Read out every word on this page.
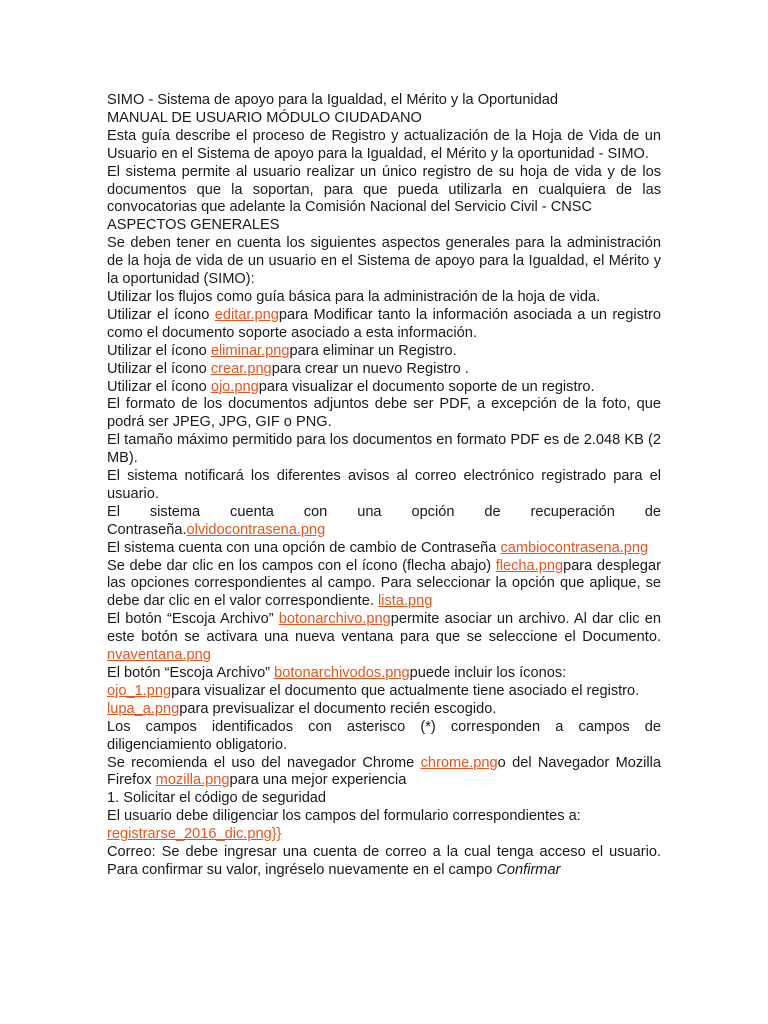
SIMO - Sistema de apoyo para la Igualdad, el Mérito y la Oportunidad

MANUAL DE USUARIO MÓDULO CIUDADANO

Esta guía describe el proceso de Registro y actualización de la Hoja de Vida de un Usuario en el Sistema de apoyo para la Igualdad, el Mérito y la oportunidad - SIMO.

El sistema permite al usuario realizar un único registro de su hoja de vida y de los documentos que la soportan, para que pueda utilizarla en cualquiera de las convocatorias que adelante la Comisión Nacional del Servicio Civil - CNSC

ASPECTOS GENERALES

Se deben tener en cuenta los siguientes aspectos generales para la administración de la hoja de vida de un usuario en el Sistema de apoyo para la Igualdad, el Mérito y la oportunidad (SIMO):

Utilizar los flujos como guía básica para la administración de la hoja de vida.

Utilizar el ícono editar.pngpara Modificar tanto la información asociada a un registro como el documento soporte asociado a esta información.

Utilizar el ícono eliminar.pngpara eliminar un Registro.

Utilizar el ícono crear.pngpara crear un nuevo Registro .

Utilizar el ícono ojo.pngpara visualizar el documento soporte de un registro.

El formato de los documentos adjuntos debe ser PDF, a excepción de la foto, que podrá ser JPEG, JPG, GIF o PNG.

El tamaño máximo permitido para los documentos en formato PDF es de 2.048 KB (2 MB).

El sistema notificará los diferentes avisos al correo electrónico registrado para el usuario.

El sistema cuenta con una opción de recuperación de Contraseña.olvidocontrasena.png

El sistema cuenta con una opción de cambio de Contraseña cambiocontrasena.png

Se debe dar clic en los campos con el ícono (flecha abajo) flecha.pngpara desplegar las opciones correspondientes al campo. Para seleccionar la opción que aplique, se debe dar clic en el valor correspondiente. lista.png

El botón “Escoja Archivo” botonarchivo.pngpermite asociar un archivo. Al dar clic en este botón se activara una nueva ventana para que se seleccione el Documento. nvaventana.png

El botón “Escoja Archivo” botonarchivodos.pngpuede incluir los íconos:

ojo_1.pngpara visualizar el documento que actualmente tiene asociado el registro.

lupa_a.pngpara previsualizar el documento recién escogido.

Los campos identificados con asterisco (*) corresponden a campos de diligenciamiento obligatorio.

Se recomienda el uso del navegador Chrome chrome.pngo del Navegador Mozilla Firefox mozilla.pngpara una mejor experiencia

1. Solicitar el código de seguridad

El usuario debe diligenciar los campos del formulario correspondientes a:

registrarse_2016_dic.png}}

Correo: Se debe ingresar una cuenta de correo a la cual tenga acceso el usuario. Para confirmar su valor, ingréselo nuevamente en el campo Confirmar
